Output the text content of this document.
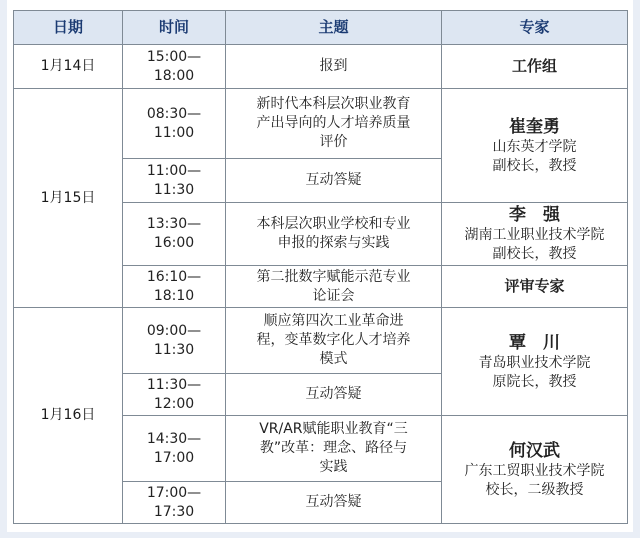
日期	时间	主题	专家
1月14日	15:00—
18:00	报到	工作组
1月15日	08:30—
11:00	新时代本科层次职业教育
产出导向的人才培养质量
评价	崔奎勇
山东英才学院
副校长，教授

	11:00—
11:30	互动答疑	
	13:30—
16:00	本科层次职业学校和专业
申报的探索与实践	李　强
湖南工业职业技术学院
副校长，教授

	16:10—
18:10	第二批数字赋能示范专业
论证会	评审专家
1月16日	09:00—
11:30	顺应第四次工业革命进
程，变革数字化人才培养
模式	覃　川
青岛职业技术学院
原院长，教授

	11:30—
12:00	互动答疑	
	14:30—
17:00	VR/AR赋能职业教育“三
教”改革：理念、路径与
实践	何汉武
广东工贸职业技术学院
校长，二级教授

	17:00—
17:30	互动答疑	
